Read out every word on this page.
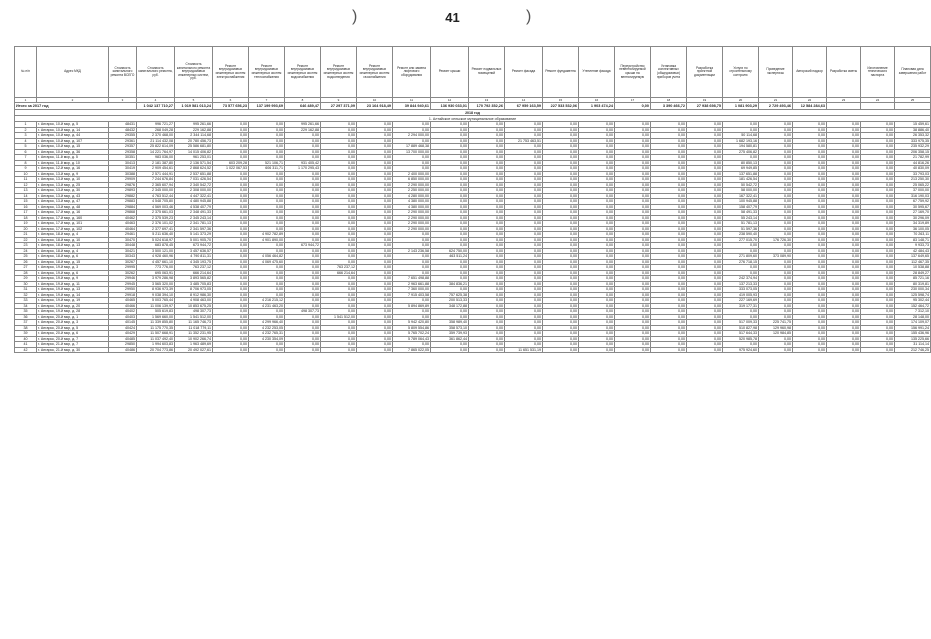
41
)	)
№ п/п	Адрес МКД	Стоимость капитального ремонта ВСЕГО	Стоимость капитального ремонта, руб.	Стоимость капитального ремонта внутридомовых инженерных систем, руб.	Ремонт внутридомовых инженерных систем электроснабжения	Ремонт внутридомовых инженерных систем теплоснабжения	Ремонт внутридомовых инженерных систем водоснабжения	Ремонт внутридомовых инженерных систем водоотведения	Ремонт внутридомовых инженерных систем газоснабжения	Ремонт или замена лифтового оборудования	Ремонт крыши	Ремонт подвальных помещений	Ремонт фасада	Ремонт фундамента	Утепление фасада	Переустройство невентилируемой крыши на вентилируемую	Установка коллективных (общедомовых) приборов учета	Разработка проектной документации	Услуги по строительному контролю	Проведение экспертизы	Авторский надзор	Разработка сметы	Изготовление технического паспорта	Плановая дата завершения работ
1	2	3	4	5	6	7	8	9	10	11	12	13	14	15	16	17	18	19	20	21	22	23	24	25
Итого за 2017 год			1 042 137 710,27	1 019 581 013,24	73 577 656,23	137 199 993,69	646 489,47	27 297 371,09	23 164 918,49	39 844 940,61	136 930 033,01	170 792 352,26	67 959 163,59	227 533 532,06	1 903 474,24	0,00	3 390 466,72	27 938 698,75	1 081 903,29	2 729 493,46	12 584 284,63			
2018 год																								
1. Алтайское сельское муниципальное образование																								
1	г. Ангарск, 10-й мкр, д. 5	48431	996 721,27	995 261,66	0,00	0,00	995 261,66	0,00	0,00	0,00	0,00	0,00	0,00	0,00	0,00	0,00	0,00	0,00	0,00	0,00	0,00	0,00	0,00	15 459,61
2	г. Ангарск, 10-й мкр, д. 14	48432	268 049,28	229 162,88	0,00	0,00	229 162,88	0,00	0,00	0,00	0,00	0,00	0,00	0,00	0,00	0,00	0,00	0,00	0,00	0,00	0,00	0,00	0,00	38 886,40
3	г. Ангарск, 10-й мкр, д. 44	29355	2 370 468,00	2 344 114,68	0,00	0,00	0,00	0,00	0,00	2 294 000,00	0,00	0,00	0,00	0,00	0,00	0,00	0,00	0,00	50 114,68	0,00	0,00	0,00	0,00	26 353,32
4	г. Ангарск, 10-й мкр, д. 107	29361	21 114 432,08	20 780 456,73	0,00	0,00	0,00	0,00	0,00	0,00	0,00	0,00	21 753 463,51	0,00	0,00	0,00	0,00	0,00	1 682 193,16	0,00	0,00	0,00	0,00	333 975,35
5	г. Ангарск, 10-й мкр, д. 15	29357	25 822 614,09	25 586 681,80	0,00	0,00	0,00	0,00	0,00	17 889 468,38	0,00	0,00	0,00	0,00	0,00	0,00	0,00	0,00	194 580,81	0,00	0,00	0,00	0,00	235 932,29
6	г. Ангарск, 10-й мкр, д. 36	29358	14 221 764,97	14 015 406,82	0,00	0,00	0,00	0,00	0,00	13 700 000,00	0,00	0,00	0,00	0,00	0,00	0,00	0,00	0,00	275 406,82	0,00	0,00	0,00	0,00	206 358,15
7	г. Ангарск, 11-й мкр, д. 5	30351	983 036,00	961 253,01	0,00	0,00	0,00	0,00	0,00	0,00	0,00	0,00	0,00	0,00	0,00	0,00	0,00	0,00	0,00	0,00	0,00	0,00	0,00	21 782,99
8	г. Ангарск, 11-й мкр, д. 10	30413	2 181 387,80	2 136 571,54	603 209,28	521 106,71	931 405,42	0,00	0,00	0,00	0,00	0,00	0,00	0,00	0,00	0,00	0,00	0,00	80 850,13	0,00	0,00	0,00	0,00	44 816,26
9	г. Ангарск, 12-й мкр, д. 16	30419	2 909 454,61	2 868 624,52	1 022 067,53	606 311,71	1 170 295,43	0,00	0,00	0,00	0,00	0,00	0,00	0,00	0,00	0,00	0,00	0,00	69 949,85	0,00	0,00	0,00	0,00	40 830,09
10	г. Ангарск, 13-й мкр, д. 9	30388	2 571 444,91	2 537 651,88	0,00	0,00	0,00	0,00	0,00	2 400 000,00	0,00	0,00	0,00	0,00	0,00	0,00	0,00	0,00	137 651,88	0,00	0,00	0,00	0,00	33 793,03
11	г. Ангарск, 13-й мкр, д. 10	29909	7 244 676,84	7 031 426,54	0,00	0,00	0,00	0,00	0,00	6 850 000,00	0,00	0,00	0,00	0,00	0,00	0,00	0,00	0,00	181 426,54	0,00	0,00	0,00	0,00	213 250,30
12	г. Ангарск, 13-й мкр, д. 25	29876	2 365 607,94	2 340 542,72	0,00	0,00	0,00	0,00	0,00	2 290 000,00	0,00	0,00	0,00	0,00	0,00	0,00	0,00	0,00	50 542,72	0,00	0,00	0,00	0,00	25 065,22
13	г. Ангарск, 13-й мкр, д. 30	29893	2 345 000,00	2 308 000,00	0,00	0,00	0,00	0,00	0,00	2 250 000,00	0,00	0,00	0,00	0,00	0,00	0,00	0,00	0,00	58 000,00	0,00	0,00	0,00	0,00	37 000,00
14	г. Ангарск, 13-й мкр, д. 43	29882	4 763 512,44	4 447 322,41	0,00	0,00	0,00	0,00	0,00	4 280 000,00	0,00	0,00	0,00	0,00	0,00	0,00	0,00	0,00	167 322,41	0,00	0,00	0,00	0,00	316 190,03
15	г. Ангарск, 13-й мкр, д. 47	29883	4 548 705,80	4 480 945,88	0,00	0,00	0,00	0,00	0,00	4 380 000,00	0,00	0,00	0,00	0,00	0,00	0,00	0,00	0,00	100 945,88	0,00	0,00	0,00	0,00	67 759,92
16	г. Ангарск, 13-й мкр, д. 48	29884	4 569 003,46	4 538 407,79	0,00	0,00	0,00	0,00	0,00	4 380 000,00	0,00	0,00	0,00	0,00	0,00	0,00	0,00	0,00	158 407,79	0,00	0,00	0,00	0,00	30 595,67
17	г. Ангарск, 17-й мкр, д. 16	29868	2 375 661,03	2 348 491,33	0,00	0,00	0,00	0,00	0,00	2 290 000,00	0,00	0,00	0,00	0,00	0,00	0,00	0,00	0,00	58 491,33	0,00	0,00	0,00	0,00	27 169,70
18	г. Ангарск, 17-й мкр, д. 160	40462	2 375 539,23	2 345 243,14	0,00	0,00	0,00	0,00	0,00	2 290 000,00	0,00	0,00	0,00	0,00	0,00	0,00	0,00	0,00	55 243,14	0,00	0,00	0,00	0,00	30 296,09
19	г. Ангарск, 17-й мкр, д. 101	40463	2 376 101,02	2 341 781,13	0,00	0,00	0,00	0,00	0,00	2 290 000,00	0,00	0,00	0,00	0,00	0,00	0,00	0,00	0,00	51 781,13	0,00	0,00	0,00	0,00	34 319,89
20	г. Ангарск, 17-й мкр, д. 102	40464	2 377 697,41	2 341 597,36	0,00	0,00	0,00	0,00	0,00	2 290 000,00	0,00	0,00	0,00	0,00	0,00	0,00	0,00	0,00	51 597,36	0,00	0,00	0,00	0,00	36 100,05
21	г. Ангарск, 18-й мкр, д. 4	29461	5 211 636,40	5 141 373,29	0,00	4 902 782,89	0,00	0,00	0,00	0,00	0,00	0,00	0,00	0,00	0,00	0,00	0,00	0,00	238 590,40	0,00	0,00	0,00	0,00	70 263,11
22	г. Ангарск, 18-й мкр, д. 10	30470	5 024 618,97	5 001 905,70	0,00	4 901 890,00	0,00	0,00	0,00	0,00	0,00	0,00	0,00	0,00	0,00	0,00	0,00	0,00	277 015,70	176 726,30	0,00	0,00	0,00	83 148,71
23	г. Ангарск, 18-й мкр, д. 13	30448	683 878,45	673 944,72	0,00	0,00	673 944,72	0,00	0,00	0,00	0,00	0,00	0,00	0,00	0,00	0,00	0,00	0,00	0,00	0,00	0,00	0,00	0,00	9 933,73
24	г. Ангарск, 18-й мкр, д. 4	30421	3 500 121,00	3 457 636,57	0,00	0,00	0,00	0,00	0,00	2 143 236,58	624 750,00	0,00	0,00	0,00	0,00	0,00	0,00	0,00	0,00	0,00	0,00	0,00	0,00	42 484,43
25	г. Ангарск, 18-й мкр, д. 6	30343	4 928 460,96	4 790 811,31	0,00	4 056 464,82	0,00	0,00	0,00	0,00	463 511,24	0,00	0,00	0,00	0,00	0,00	0,00	0,00	271 809,60	373 089,90	0,00	0,00	0,00	137 649,65
26	г. Ангарск, 18-й мкр, д. 15	30267	4 457 661,10	4 345 193,75	0,00	4 069 475,60	0,00	0,00	0,00	0,00	0,00	0,00	0,00	0,00	0,00	0,00	0,00	0,00	276 718,15	0,00	0,00	0,00	0,00	112 467,35
27	г. Ангарск, 19-й мкр, д. 3	29995	773 776,00	763 237,12	0,00	0,00	0,00	763 237,12	0,00	0,00	0,00	0,00	0,00	0,00	0,00	0,00	0,00	0,00	0,00	0,00	0,00	0,00	0,00	10 538,88
28	г. Ангарск, 19-й мкр, д. 6	30262	695 063,91	666 214,64	0,00	0,00	0,00	666 214,64	0,00	0,00	0,00	0,00	0,00	0,00	0,00	0,00	0,00	0,00	0,00	0,00	0,00	0,00	0,00	28 849,27
29	г. Ангарск, 19-й мкр, д. 9	29946	3 979 286,98	3 893 565,82	0,00	0,00	0,00	0,00	0,00	7 651 498,88	0,00	0,00	0,00	0,00	0,00	0,00	0,00	0,00	242 374,94	0,00	0,00	0,00	0,00	85 721,16
30	г. Ангарск, 19-й мкр, д. 11	29945	3 565 320,00	3 485 705,83	0,00	0,00	0,00	0,00	0,00	2 963 661,88	384 836,21	0,00	0,00	0,00	0,00	0,00	0,00	0,00	137 213,33	0,00	0,00	0,00	0,00	80 319,81
31	г. Ангарск, 19-й мкр, д. 13	29950	8 936 973,39	8 706 973,05	0,00	0,00	0,00	0,00	0,00	7 360 000,00	0,00	0,00	0,00	0,00	0,00	0,00	0,00	0,00	333 073,05	0,00	0,00	0,00	0,00	230 000,34
32	г. Ангарск, 19-й мкр, д. 14	29918	9 038 394,10	8 912 986,30	0,00	0,00	0,00	0,00	0,00	7 915 403,58	757 625,38	0,00	0,00	0,00	0,00	0,00	0,00	0,00	419 005,93	0,00	0,00	0,00	0,00	125 598,74
33	г. Ангарск, 19-й мкр, д. 19	40465	5 003 765,44	4 908 463,00	0,00	4 216 215,12	0,00	0,00	0,00	0,00	200 513,33	0,00	0,00	0,00	0,00	0,00	0,00	0,00	227 169,69	0,00	0,00	0,00	0,00	95 302,44
34	г. Ангарск, 19-й мкр, д. 20	40466	11 006 139,97	10 853 675,25	0,00	4 231 463,20	0,00	0,00	0,00	5 894 869,89	348 172,88	0,00	0,00	0,00	0,00	0,00	0,00	0,00	319 177,31	0,00	0,00	0,00	0,00	152 464,72
35	г. Ангарск, 19-й мкр, д. 28	40402	505 619,83	498 307,73	0,00	0,00	498 307,73	0,00	0,00	0,00	0,00	0,00	0,00	0,00	0,00	0,00	0,00	0,00	0,00	0,00	0,00	0,00	0,00	7 312,10
36	г. Ангарск, 20-й мкр, д. 1	40403	1 569 660,00	1 541 512,00	0,00	0,00	0,00	1 541 512,00	0,00	0,00	0,00	0,00	0,00	0,00	0,00	0,00	0,00	0,00	0,00	0,00	0,00	0,00	0,00	28 148,00
37	г. Ангарск, 20-й мкр, д. 3	40145	11 339 855,80	11 165 746,73	0,00	4 299 966,40	0,00	0,00	0,00	5 942 420,80	358 989,40	0,00	0,00	0,00	0,00	0,00	0,00	0,00	517 009,33	225 741,75	0,00	0,00	0,00	174 109,07
38	г. Ангарск, 20-й мкр, д. 5	40424	11 175 770,35	11 018 779,11	0,00	4 232 253,05	0,00	0,00	0,00	5 809 554,86	358 573,10	0,00	0,00	0,00	0,00	0,00	0,00	0,00	510 827,98	129 960,98	0,00	0,00	0,00	156 991,24
39	г. Ангарск, 20-й мкр, д. 6	40429	11 507 668,91	11 352 231,95	0,00	4 232 765,31	0,00	0,00	0,00	5 765 702,24	359 739,93	0,00	0,00	0,00	0,00	0,00	0,00	0,00	517 644,33	120 984,85	0,00	0,00	0,00	155 436,96
40	г. Ангарск, 20-й мкр, д. 7	40485	11 037 492,40	10 902 266,74	0,00	4 230 354,09	0,00	0,00	0,00	5 789 064,43	361 862,44	0,00	0,00	0,00	0,00	0,00	0,00	0,00	520 985,78	0,00	0,00	0,00	0,00	135 225,66
41	г. Ангарск, 21-й мкр, д. 7	29850	1 994 603,83	1 963 489,69	0,00	0,00	0,00	0,00	0,00	0,00	0,00	0,00	0,00	0,00	0,00	0,00	0,00	0,00	0,00	0,00	0,00	0,00	0,00	31 114,14
42	г. Ангарск, 21-й мкр, д. 30	40486	20 704 773,86	20 492 027,61	0,00	0,00	0,00	0,00	0,00	7 865 022,05	0,00	0,00	11 651 531,19	0,00	0,00	0,00	0,00	0,00	975 924,60	0,00	0,00	0,00	0,00	212 746,25
